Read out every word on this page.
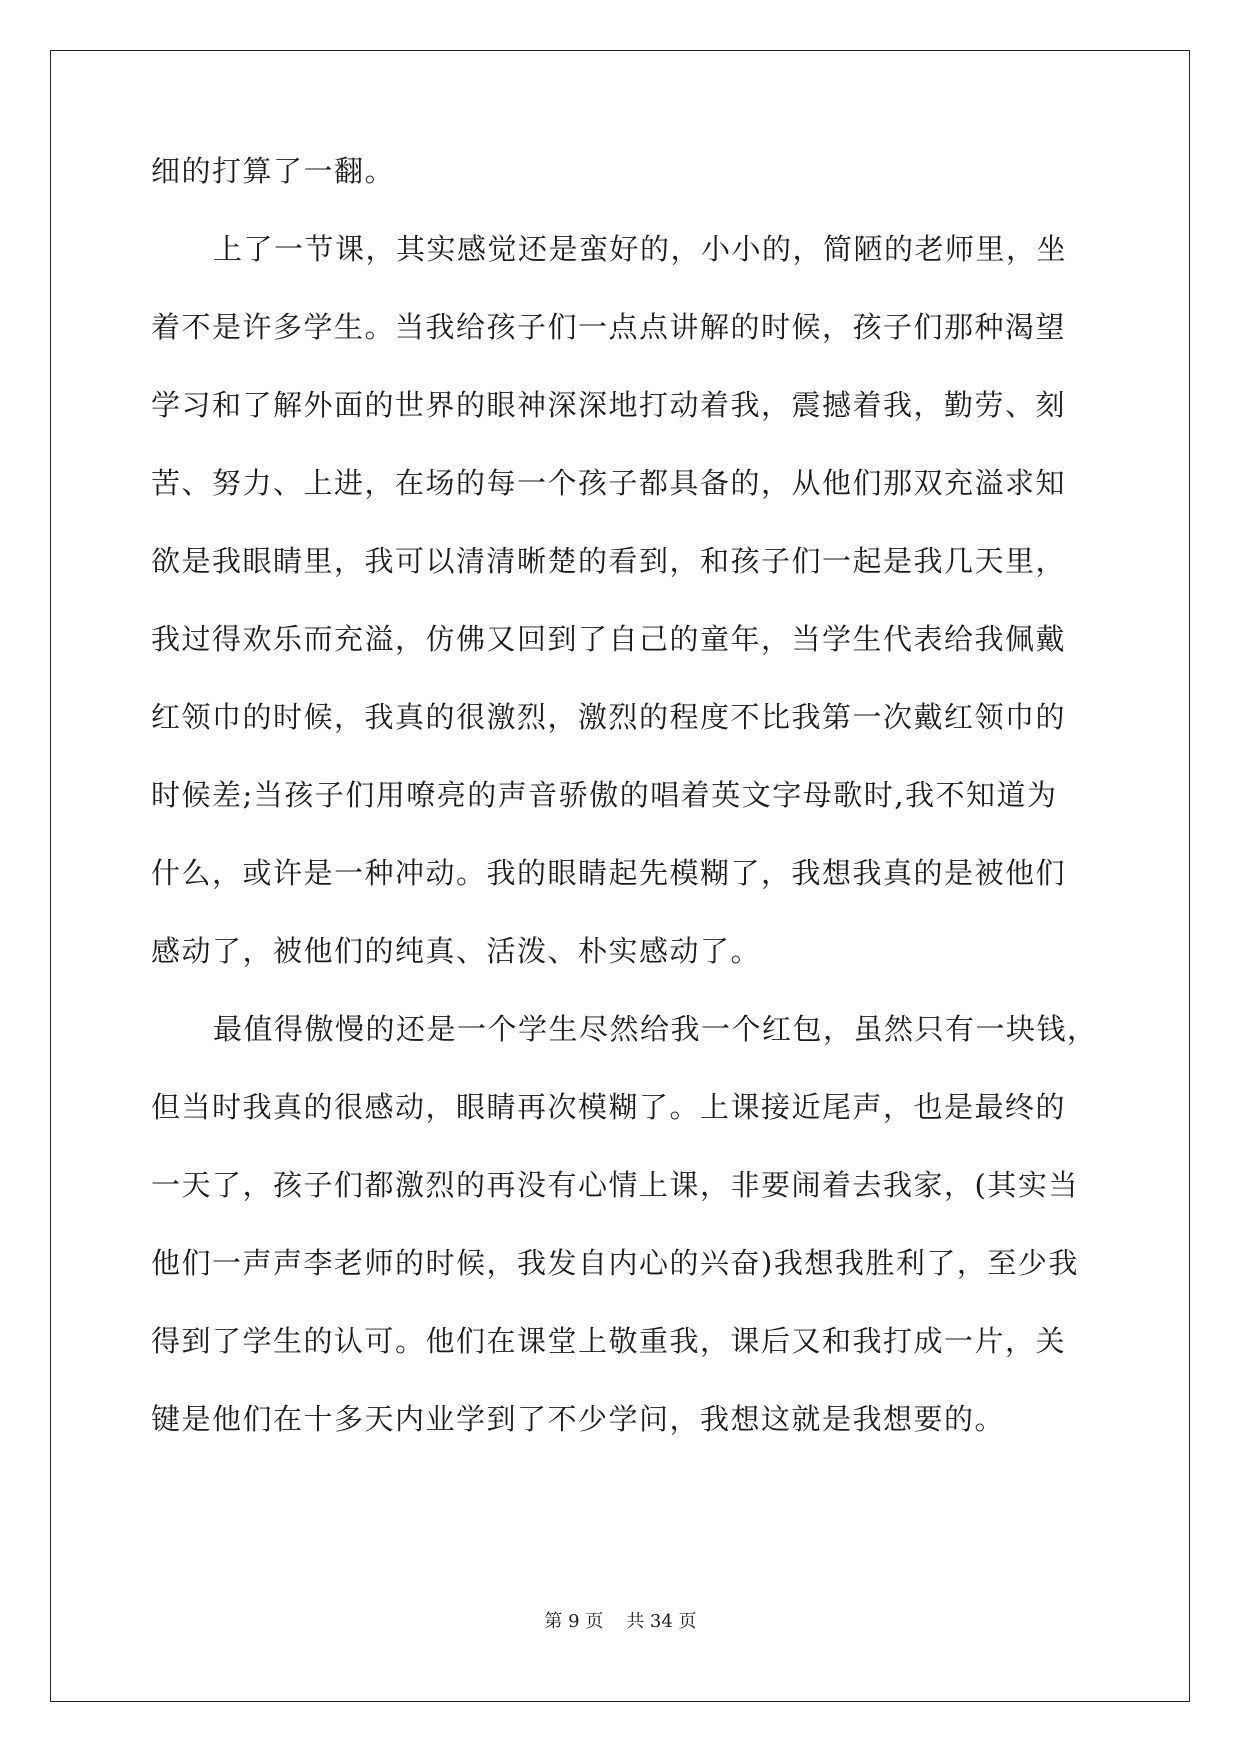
细的打算了一翻。
上了一节课，其实感觉还是蛮好的，小小的，简陋的老师里，坐
着不是许多学生。当我给孩子们一点点讲解的时候，孩子们那种渴望
学习和了解外面的世界的眼神深深地打动着我，震撼着我，勤劳、刻
苦、努力、上进，在场的每一个孩子都具备的，从他们那双充溢求知
欲是我眼睛里，我可以清清晰楚的看到，和孩子们一起是我几天里，
我过得欢乐而充溢，仿佛又回到了自己的童年，当学生代表给我佩戴
红领巾的时候，我真的很激烈，激烈的程度不比我第一次戴红领巾的
时候差;当孩子们用嘹亮的声音骄傲的唱着英文字母歌时,我不知道为
什么，或许是一种冲动。我的眼睛起先模糊了，我想我真的是被他们
感动了，被他们的纯真、活泼、朴实感动了。
最值得傲慢的还是一个学生尽然给我一个红包，虽然只有一块钱，
但当时我真的很感动，眼睛再次模糊了。上课接近尾声，也是最终的
一天了，孩子们都激烈的再没有心情上课，非要闹着去我家，(其实当
他们一声声李老师的时候，我发自内心的兴奋)我想我胜利了，至少我
得到了学生的认可。他们在课堂上敬重我，课后又和我打成一片，关
键是他们在十多天内业学到了不少学问，我想这就是我想要的。
第 9 页    共 34 页
